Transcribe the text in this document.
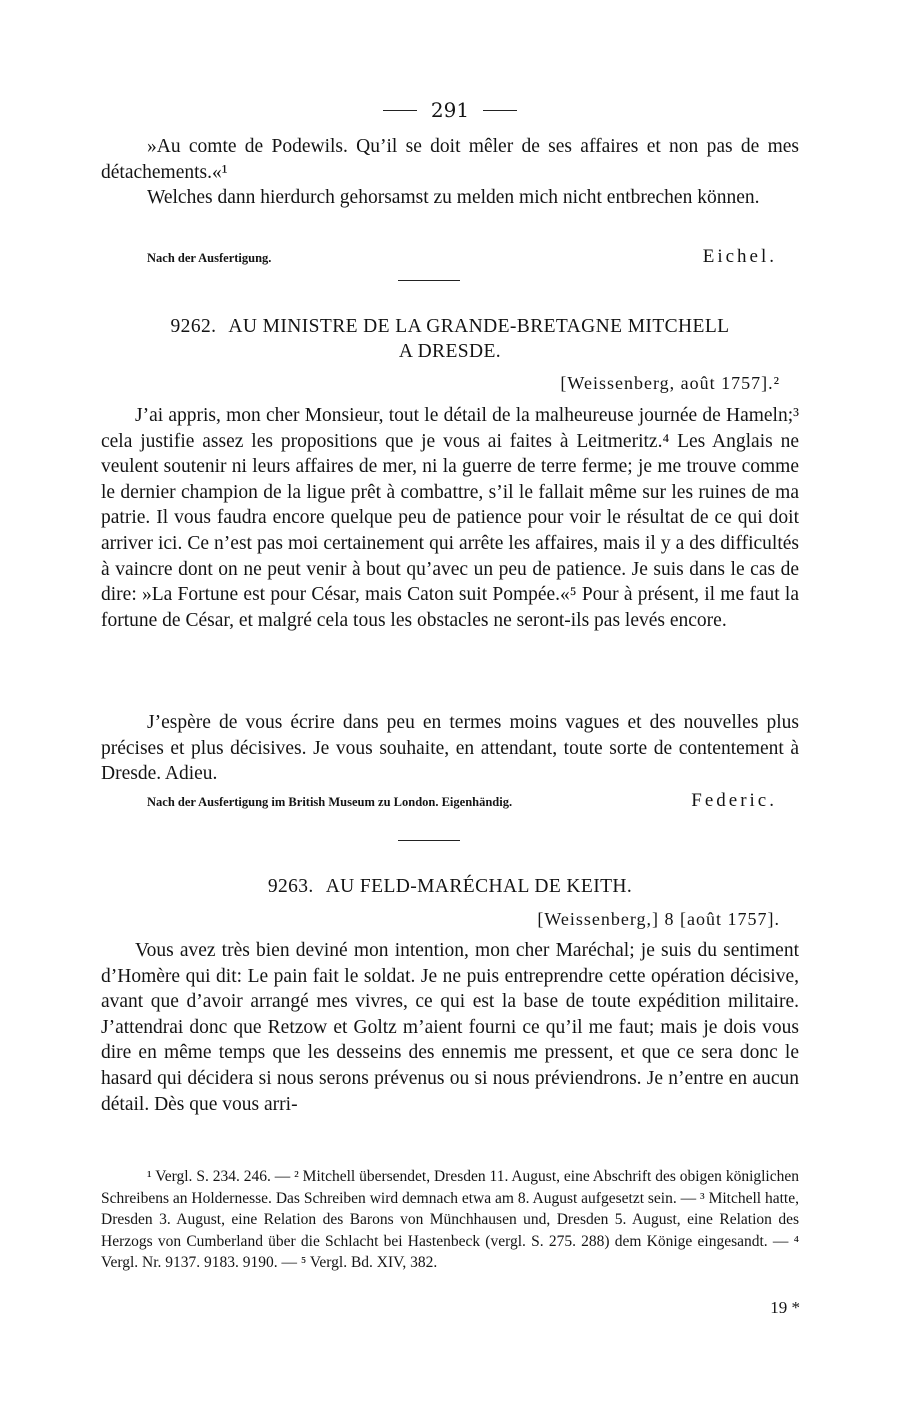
291

»Au comte de Podewils. Qu’il se doit mêler de ses affaires et non pas de mes détachements.«¹

Welches dann hierdurch gehorsamst zu melden mich nicht entbrechen können.

Nach der Ausfertigung.	Eichel.
9262. AU MINISTRE DE LA GRANDE-BRETAGNE MITCHELL
A DRESDE.
[Weissenberg, août 1757].²

J’ai appris, mon cher Monsieur, tout le détail de la malheureuse journée de Hameln;³ cela justifie assez les propositions que je vous ai faites à Leitmeritz.⁴ Les Anglais ne veulent soutenir ni leurs affaires de mer, ni la guerre de terre ferme; je me trouve comme le dernier champion de la ligue prêt à combattre, s’il le fallait même sur les ruines de ma patrie. Il vous faudra encore quelque peu de patience pour voir le résultat de ce qui doit arriver ici. Ce n’est pas moi certainement qui arrête les affaires, mais il y a des difficultés à vaincre dont on ne peut venir à bout qu’avec un peu de patience. Je suis dans le cas de dire: »La Fortune est pour César, mais Caton suit Pompée.«⁵ Pour à présent, il me faut la fortune de César, et malgré cela tous les obstacles ne seront-ils pas levés encore.

J’espère de vous écrire dans peu en termes moins vagues et des nouvelles plus précises et plus décisives. Je vous souhaite, en attendant, toute sorte de contentement à Dresde. Adieu.

Nach der Ausfertigung im British Museum zu London. Eigenhändig.	Federic.
9263. AU FELD-MARÉCHAL DE KEITH.
[Weissenberg,] 8 [août 1757].

Vous avez très bien deviné mon intention, mon cher Maréchal; je suis du sentiment d’Homère qui dit: Le pain fait le soldat. Je ne puis entreprendre cette opération décisive, avant que d’avoir arrangé mes vivres, ce qui est la base de toute expédition militaire. J’attendrai donc que Retzow et Goltz m’aient fourni ce qu’il me faut; mais je dois vous dire en même temps que les desseins des ennemis me pressent, et que ce sera donc le hasard qui décidera si nous serons prévenus ou si nous préviendrons. Je n’entre en aucun détail. Dès que vous arri-

¹ Vergl. S. 234. 246. — ² Mitchell übersendet, Dresden 11. August, eine Abschrift des obigen königlichen Schreibens an Holdernesse. Das Schreiben wird demnach etwa am 8. August aufgesetzt sein. — ³ Mitchell hatte, Dresden 3. August, eine Relation des Barons von Münchhausen und, Dresden 5. August, eine Relation des Herzogs von Cumberland über die Schlacht bei Hastenbeck (vergl. S. 275. 288) dem Könige eingesandt. — ⁴ Vergl. Nr. 9137. 9183. 9190. — ⁵ Vergl. Bd. XIV, 382.

19 *
